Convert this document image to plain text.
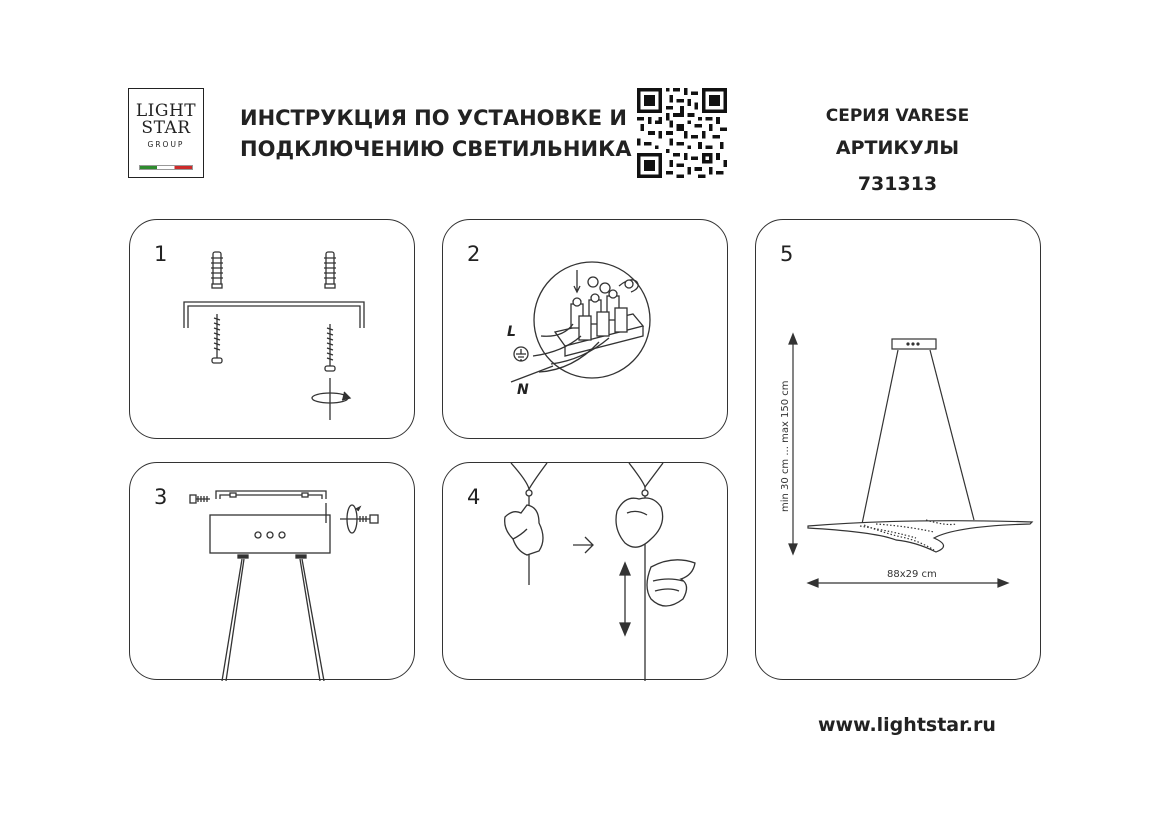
LIGHT
STAR
GROUP
ИНСТРУКЦИЯ ПО УСТАНОВКЕ И
ПОДКЛЮЧЕНИЮ СВЕТИЛЬНИКА
СЕРИЯ VARESE
АРТИКУЛЫ 731313
1	2
L
N
3	4
5
min 30 cm ... max 150 cm
88x29 cm
www.lightstar.ru
